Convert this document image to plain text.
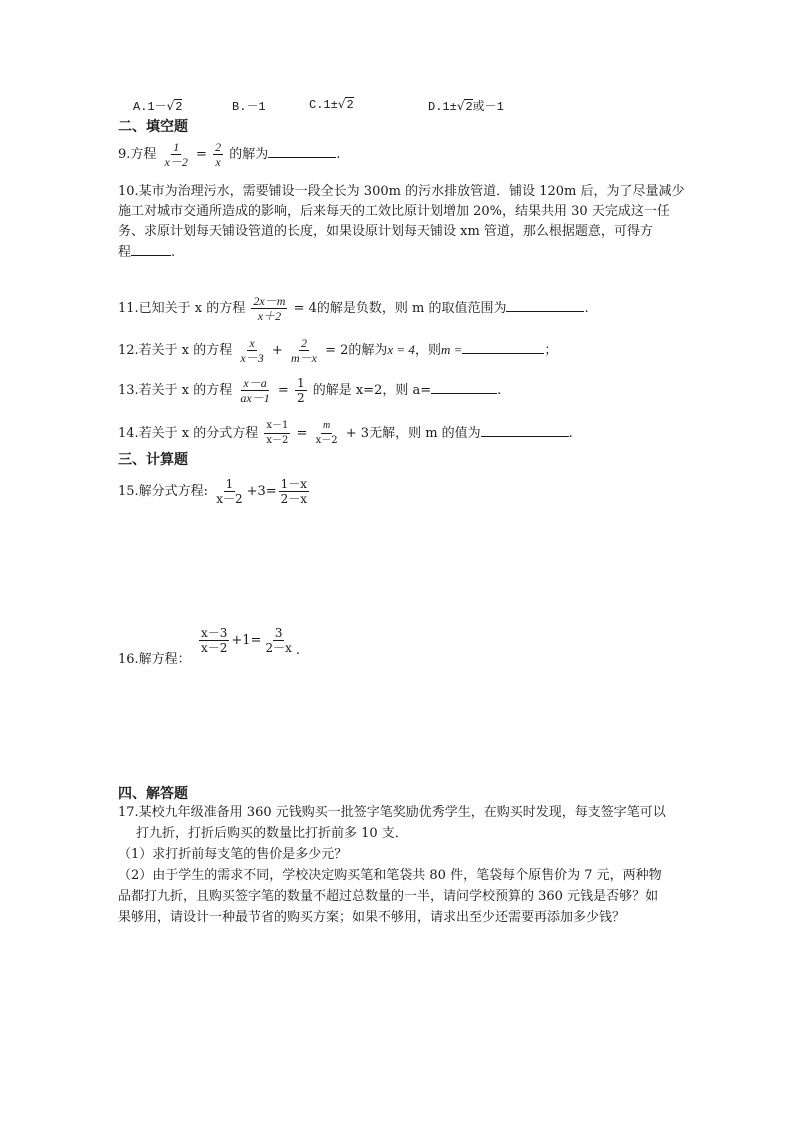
A.1－√2	B.－1	C.1±√2	D.1±√2或－1
二、填空题
9.方程 $\frac{1}{x-2} = \frac{2}{x}$ 的解为	.
10.某市为治理污水，需要铺设一段全长为 300m 的污水排放管道．铺设 120m 后，为了尽量减少
施工对城市交通所造成的影响，后来每天的工效比原计划增加 20%，结果共用 30 天完成这一任
务、求原计划每天铺设管道的长度，如果设原计划每天铺设 xm 管道，那么根据题意，可得方
程	.
11.已知关于 x 的方程 $\frac{2x-m}{x+2} = 4$的解是负数，则 m 的取值范围为	.
12.若关于 x 的方程 $\frac{x}{x-3} + \frac{2}{m-x} = 2$的解为x = 4，则m =	；
13.若关于 x 的方程 $\frac{x-a}{ax-1} = \frac{1}{2}$ 的解是 x=2，则 a=	.
14.若关于 x 的分式方程 $\frac{x-1}{x-2} = \frac{m}{x-2} + 3$无解，则 m 的值为	.
三、计算题
15.解分式方程: $\frac{1}{x-2} +3= \frac{1-x}{2-x}$
16.解方程：
$\frac{x-3}{x-2} +1= \frac{3}{2-x}$ .
四、解答题
17.某校九年级准备用 360 元钱购买一批签字笔奖励优秀学生，在购买时发现，每支签字笔可以
打九折，打折后购买的数量比打折前多 10 支．
（1）求打折前每支笔的售价是多少元？
（2）由于学生的需求不同，学校决定购买笔和笔袋共 80 件，笔袋每个原售价为 7 元，两种物
品都打九折，且购买签字笔的数量不超过总数量的一半，请问学校预算的 360 元钱是否够？如
果够用，请设计一种最节省的购买方案；如果不够用，请求出至少还需要再添加多少钱？
